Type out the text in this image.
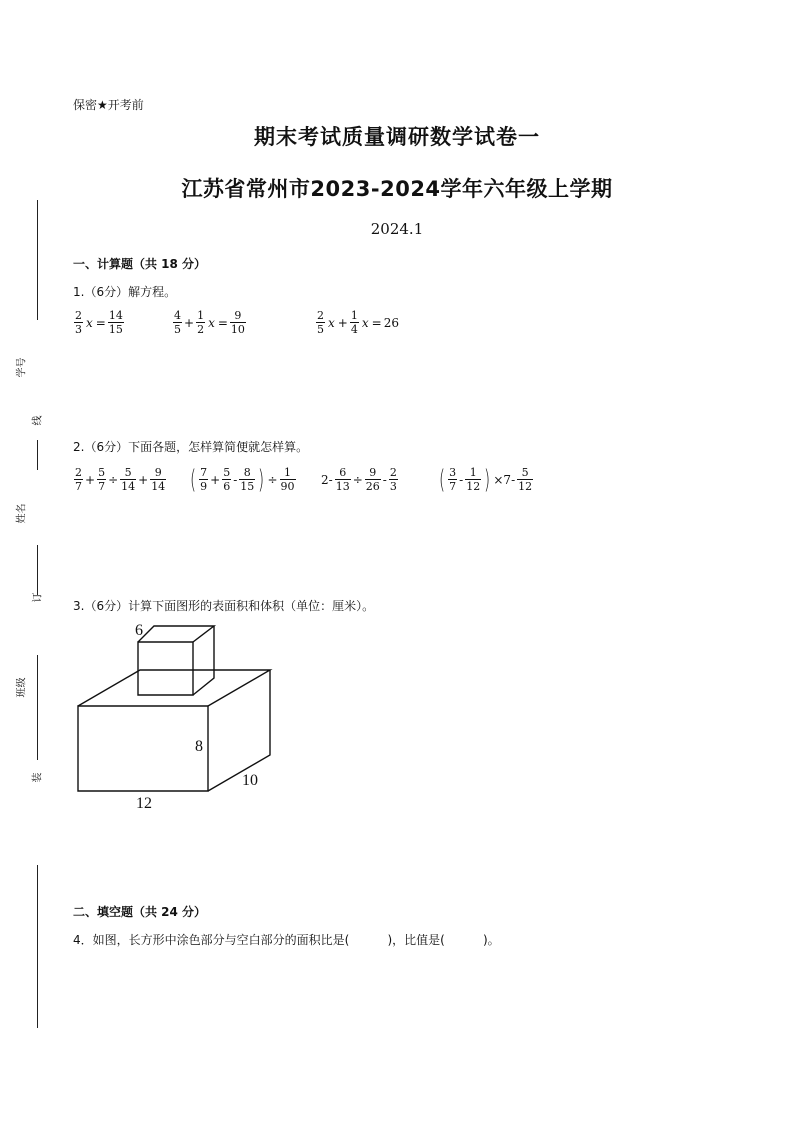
学号
线
姓名
订
班级
装
保密★开考前
期末考试质量调研数学试卷一
江苏省常州市2023-2024学年六年级上学期
2024.1
一、计算题（共 18 分）
1.（6分）解方程。
$\frac{2}{3}$ $x = \frac{14}{15}$	$\frac{4}{5} + \frac{1}{2}$ $x = \frac{9}{10}$	$\frac{2}{5}$ $x + \frac{1}{4}$ x = 26
2.（6分）下面各题，怎样算简便就怎样算。
$\frac{2}{7} + \frac{5}{7} \div \frac{5}{14} + \frac{9}{14}$ ( $\frac{7}{9} + \frac{5}{6} - \frac{8}{15}$ ) ÷ $\frac{1}{90} 2- \frac{6}{13} \div \frac{9}{26} - \frac{2}{3}$ ( $\frac{3}{7} - \frac{1}{12}$ ) $\times 7- \frac{5}{12}$
3.（6分）计算下面图形的表面积和体积（单位：厘米）。
6
8
10
12
二、填空题（共 24 分）
4．如图，长方形中涂色部分与空白部分的面积比是(          )，比值是(          )。
